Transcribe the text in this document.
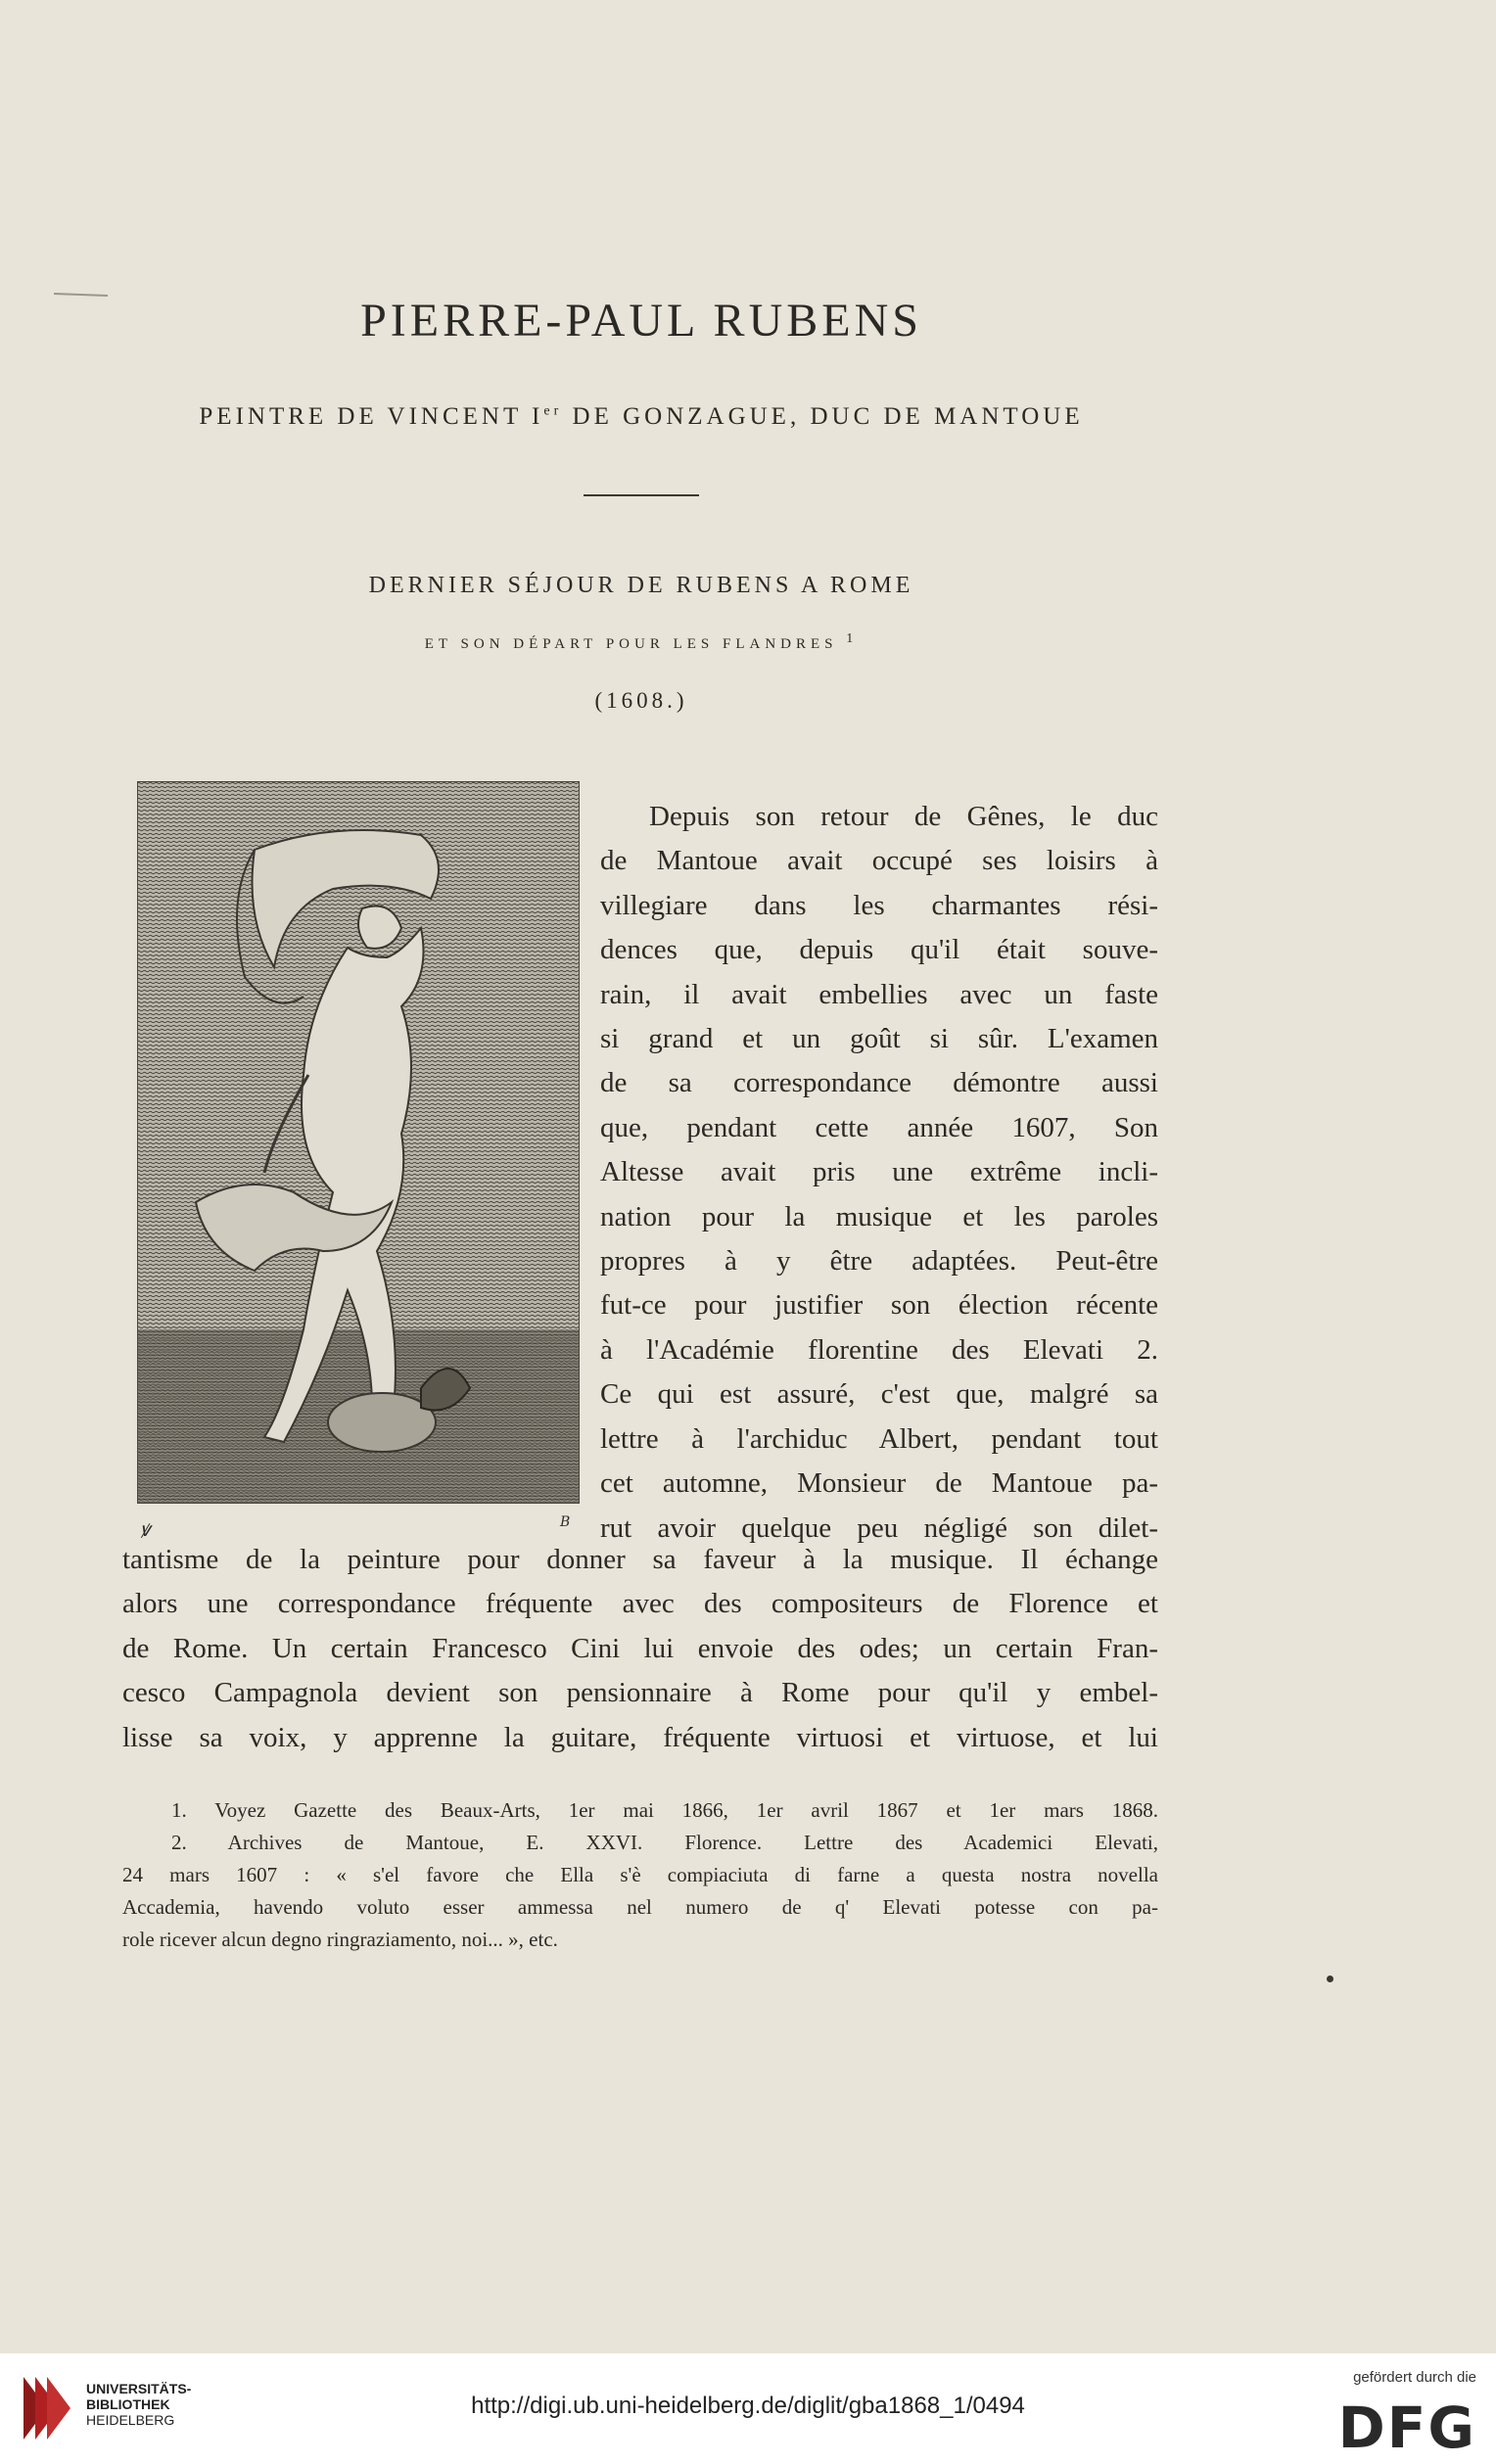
PIERRE-PAUL RUBENS
PEINTRE DE VINCENT Ier DE GONZAGUE, DUC DE MANTOUE
DERNIER SÉJOUR DE RUBENS A ROME
ET SON DÉPART POUR LES FLANDRES 1
(1608.)
ꝟ	B
Depuis son retour de Gênes, le duc
de Mantoue avait occupé ses loisirs à
villegiare dans les charmantes rési-
dences que, depuis qu'il était souve-
rain, il avait embellies avec un faste
si grand et un goût si sûr. L'examen
de sa correspondance démontre aussi
que, pendant cette année 1607, Son
Altesse avait pris une extrême incli-
nation pour la musique et les paroles
propres à y être adaptées. Peut-être
fut-ce pour justifier son élection récente
à l'Académie florentine des Elevati 2.
Ce qui est assuré, c'est que, malgré sa
lettre à l'archiduc Albert, pendant tout
cet automne, Monsieur de Mantoue pa-
rut avoir quelque peu négligé son dilet-
tantisme de la peinture pour donner sa faveur à la musique. Il échange
alors une correspondance fréquente avec des compositeurs de Florence et
de Rome. Un certain Francesco Cini lui envoie des odes; un certain Fran-
cesco Campagnola devient son pensionnaire à Rome pour qu'il y embel-
lisse sa voix, y apprenne la guitare, fréquente virtuosi et virtuose, et lui
1. Voyez Gazette des Beaux-Arts, 1er mai 1866, 1er avril 1867 et 1er mars 1868.
2. Archives de Mantoue, E. XXVI. Florence. Lettre des Academici Elevati,
24 mars 1607 : « s'el favore che Ella s'è compiaciuta di farne a questa nostra novella
Accademia, havendo voluto esser ammessa nel numero de q' Elevati potesse con pa-
role ricever alcun degno ringraziamento, noi... », etc.
UNIVERSITÄTS-
BIBLIOTHEK
HEIDELBERG
http://digi.ub.uni-heidelberg.de/diglit/gba1868_1/0494
gefördert durch die
DFG
